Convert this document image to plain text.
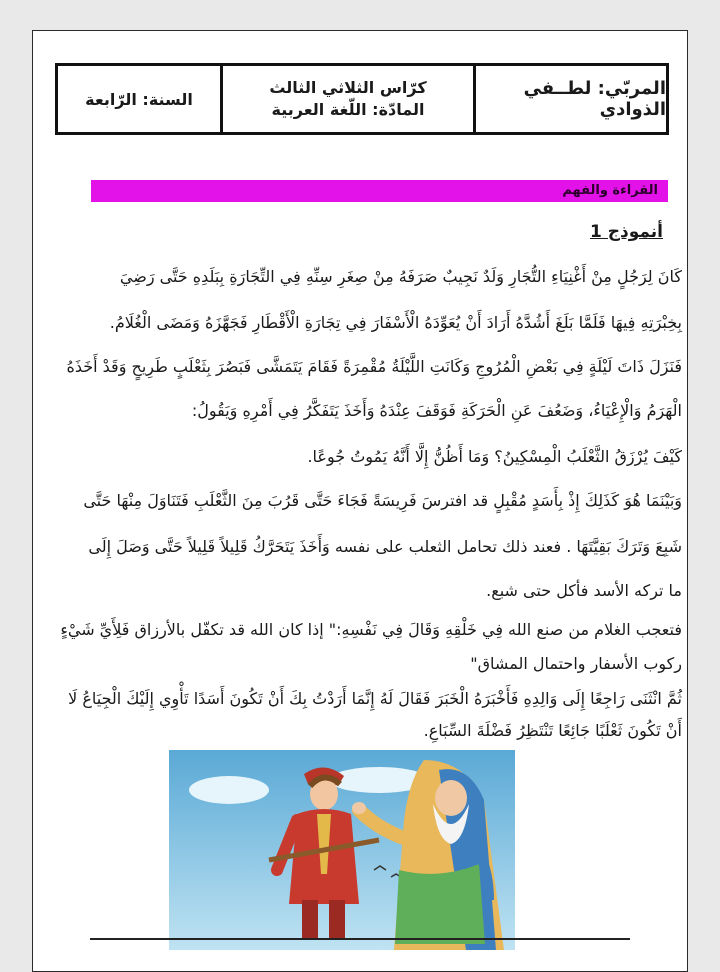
المربّي: لطــفي الذوادي
كرّاس الثلاثي الثالث
المادّة: اللّغة العربية
السنة: الرّابعة
القراءة والفهم
أنموذج 1
كَانَ لِرَجُلٍ مِنْ أَغْنِيَاءِ التُّجَارِ وَلَدٌ نَجِيبٌ صَرَفَهُ مِنْ صِغَرِ سِنِّهِ فِي التِّجَارَةِ بِبَلَدِهِ حَتَّى رَضِيَ
بِخِبْرَتِهِ فِيهَا فَلَمَّا بَلَغَ أَشُدَّهُ أَرَادَ أَنْ يُعَوِّدَهُ الْأَسْفَارَ فِي تِجَارَةِ الْأَقْطَارِ فَجَهَّزَهُ وَمَضَى الْغُلَامُ.
فَنَزَلَ ذَاتَ لَيْلَةٍ فِي بَعْضِ الْمُرُوجِ وَكَانَتِ اللَّيْلَةُ مُقْمِرَةً فَقَامَ يَتَمَشَّى فَبَصُرَ بِثَعْلَبٍ طَرِيحٍ وَقَدْ أَخَذَهُ
الْهَرَمُ وَالْإِعْيَاءُ، وَضَعُفَ عَنِ الْحَرَكَةِ فَوَقَفَ عِنْدَهُ وَأَخَذَ يَتَفَكَّرُ فِي أَمْرِهِ وَيَقُولُ:
كَيْفَ يُرْزَقُ الثَّعْلَبُ الْمِسْكِينُ؟ وَمَا أَظُنُّ إِلَّا أَنَّهُ يَمُوتُ جُوعًا.
وَبَيْنَمَا هُوَ كَذَلِكَ إِذْ بِأَسَدٍ مُقْبِلٍ قد افترسَ فَرِيسَةً فَجَاءَ حَتَّى قَرُبَ مِنَ الثَّعْلَبِ فَتَنَاوَلَ مِنْهَا حَتَّى
شَبِعَ وَتَرَكَ بَقِيَّتَهَا . فعند ذلك تحامل الثعلب على نفسه وَأَخَذَ يَتَحَرَّكُ قَلِيلاً قَلِيلاً حَتَّى وَصَلَ إِلَى
ما تركه الأسد فأكل حتى شبع.
فتعجب الغلام من صنع الله فِي خَلْقِهِ وَقَالَ فِي نَفْسِهِ:" إذا كان الله قد تكفّل بالأرزاق فَلِأَيِّ شَيْءٍ
ركوب الأسفار واحتمال المشاق"
ثُمَّ انْثَنَى رَاجِعًا إِلَى وَالِدِهِ فَأَخْبَرَهُ الْخَبَرَ فَقَالَ لَهُ إِنَّمَا أَرَدْتُ بِكَ أَنْ تَكُونَ أَسَدًا تَأْوِي إِلَيْكَ الْجِيَاعُ لَا
أَنْ تَكُونَ ثَعْلَبًا جَائِعًا تَنْتَظِرُ فَضْلَةَ السِّبَاعِ.
